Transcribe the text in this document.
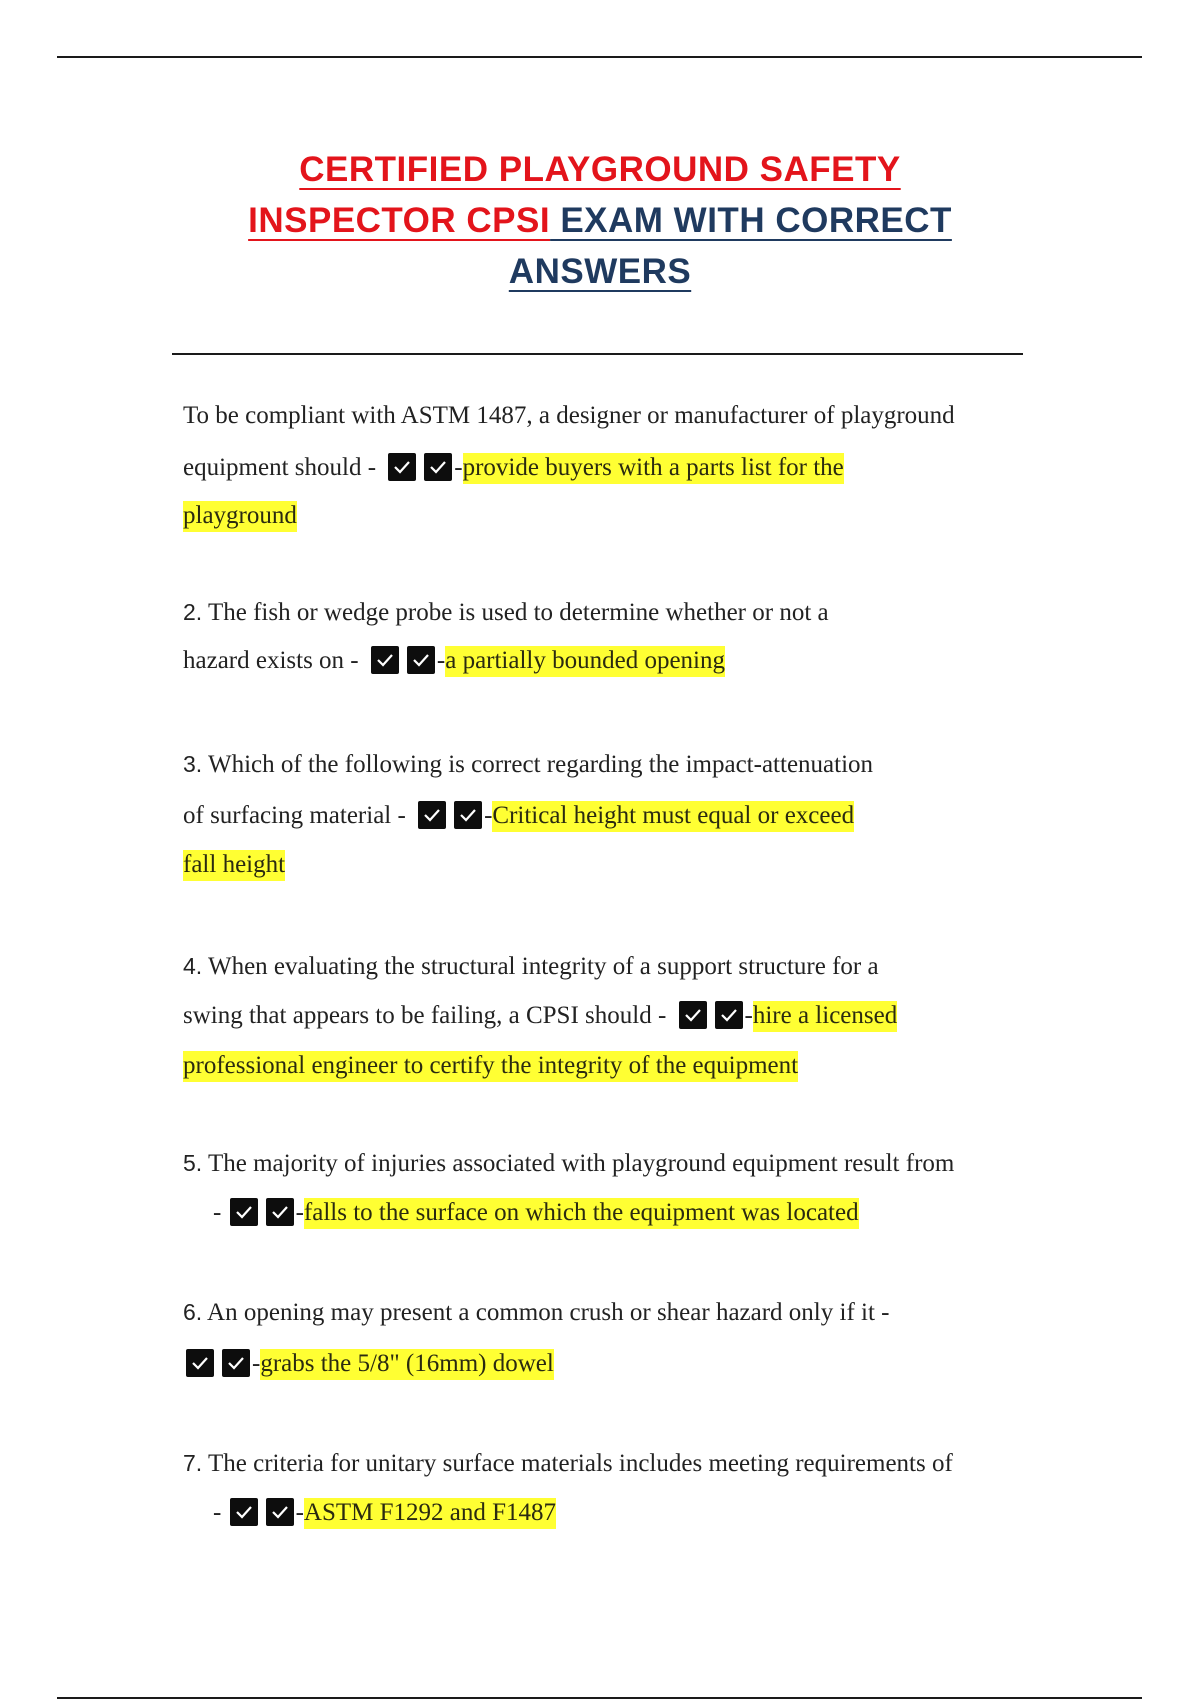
CERTIFIED PLAYGROUND SAFETY
INSPECTOR CPSI EXAM WITH CORRECT
ANSWERS
To be compliant with ASTM 1487, a designer or manufacturer of playground
equipment should -	-provide buyers with a parts list for the
playground
2. The fish or wedge probe is used to determine whether or not a
hazard exists on -	-a partially bounded opening
3. Which of the following is correct regarding the impact-attenuation
of surfacing material -	-Critical height must equal or exceed
fall height
4. When evaluating the structural integrity of a support structure for a
swing that appears to be failing, a CPSI should -	-hire a licensed
professional engineer to certify the integrity of the equipment
5. The majority of injuries associated with playground equipment result from
-	-falls to the surface on which the equipment was located
6. An opening may present a common crush or shear hazard only if it -
-grabs the 5/8" (16mm) dowel
7. The criteria for unitary surface materials includes meeting requirements of
-	-ASTM F1292 and F1487
